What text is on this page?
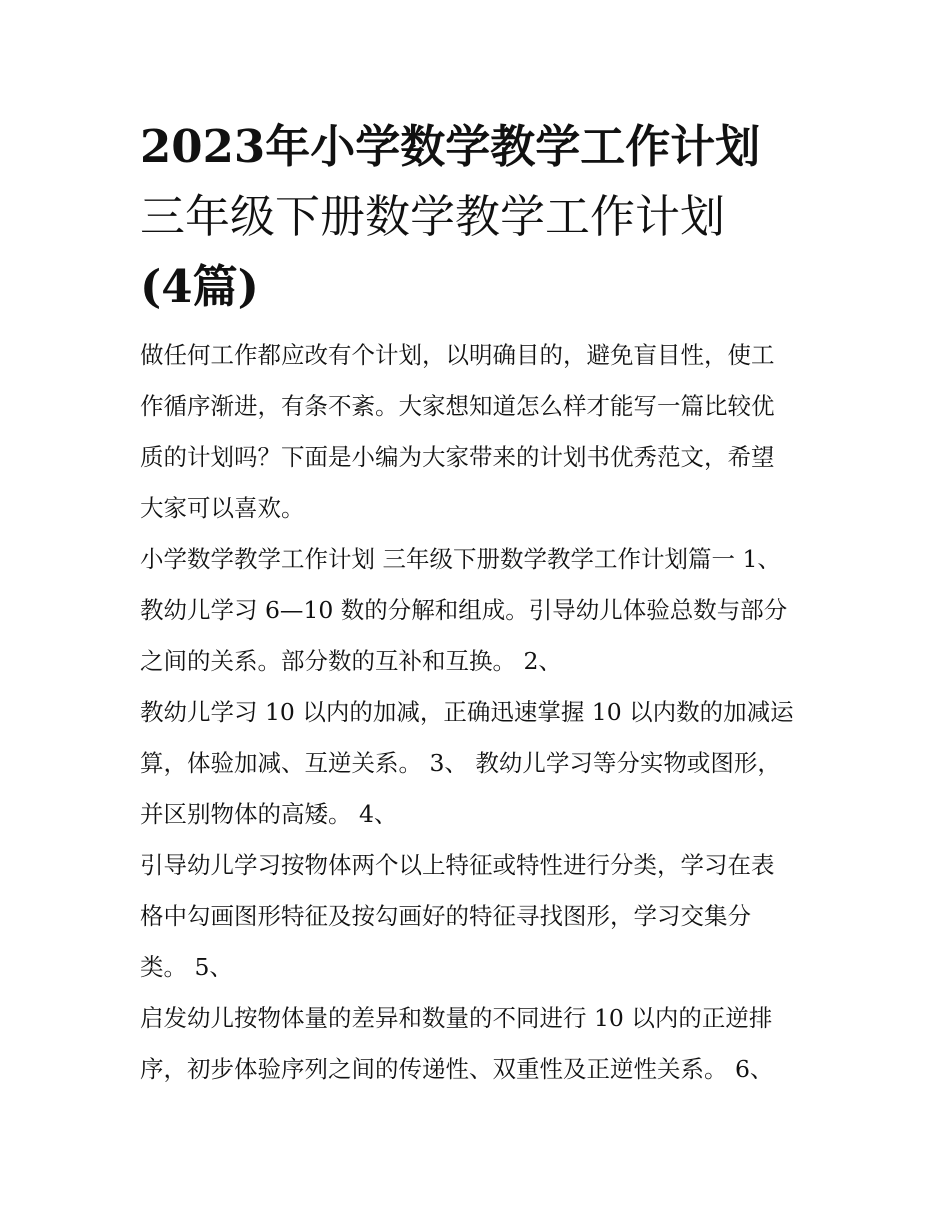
2023年小学数学教学工作计划
三年级下册数学教学工作计划
(4篇)
做任何工作都应改有个计划，以明确目的，避免盲目性，使工
作循序渐进，有条不紊。大家想知道怎么样才能写一篇比较优
质的计划吗？下面是小编为大家带来的计划书优秀范文，希望
大家可以喜欢。
小学数学教学工作计划 三年级下册数学教学工作计划篇一 1、
教幼儿学习 6—10 数的分解和组成。引导幼儿体验总数与部分
之间的关系。部分数的互补和互换。 2、
教幼儿学习 10 以内的加减，正确迅速掌握 10 以内数的加减运
算，体验加减、互逆关系。 3、 教幼儿学习等分实物或图形，
并区别物体的高矮。 4、
引导幼儿学习按物体两个以上特征或特性进行分类，学习在表
格中勾画图形特征及按勾画好的特征寻找图形，学习交集分
类。 5、
启发幼儿按物体量的差异和数量的不同进行 10 以内的正逆排
序，初步体验序列之间的传递性、双重性及正逆性关系。 6、
